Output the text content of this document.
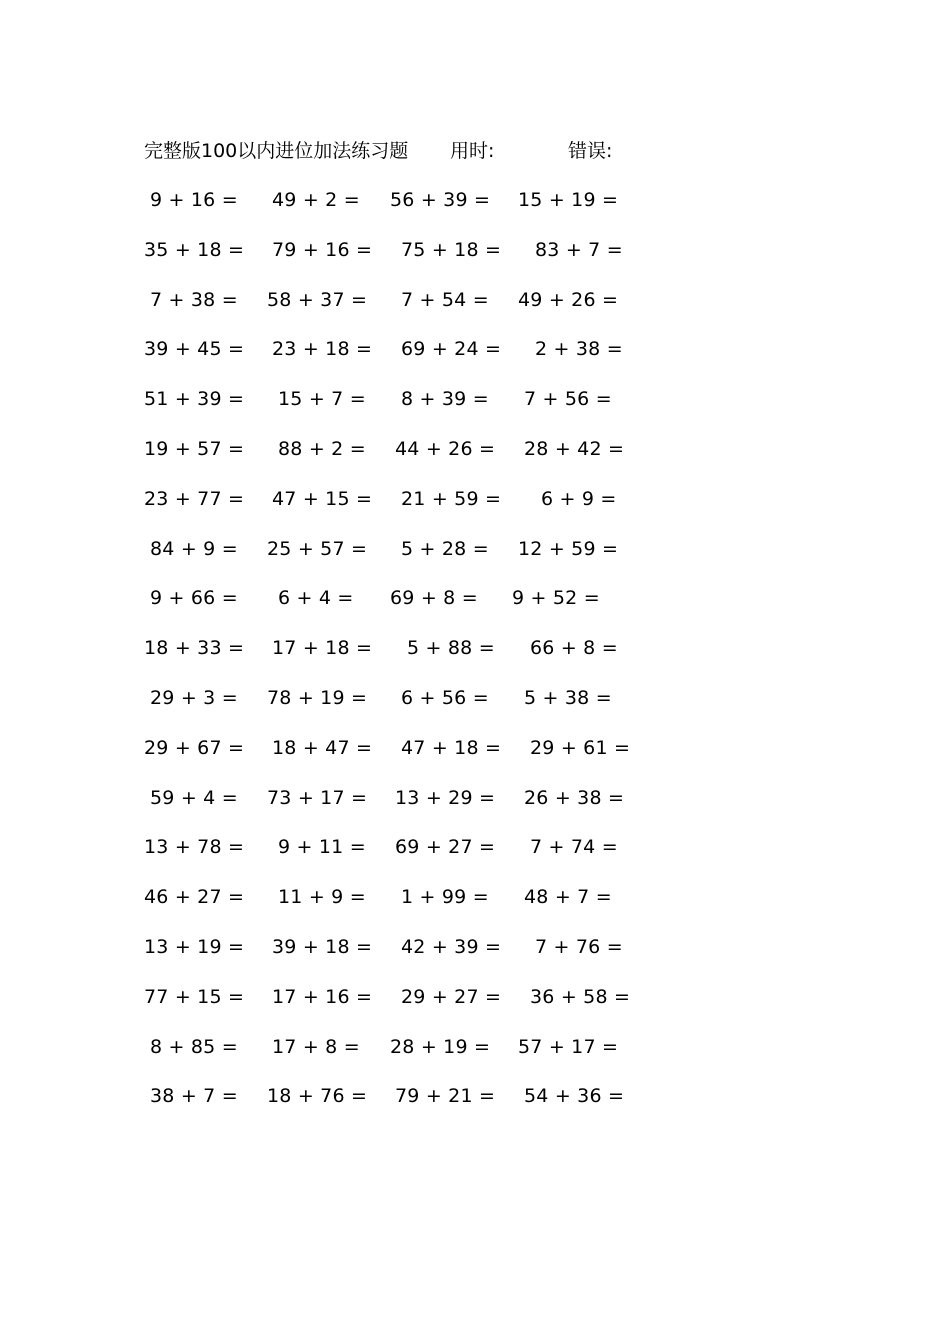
完整版100以内进位加法练习题 用时:	错误:
9 + 16 = 49 + 2 = 56 + 39 = 15 + 19 =
35 + 18 = 79 + 16 = 75 + 18 = 83 + 7 =
7 + 38 = 58 + 37 = 7 + 54 = 49 + 26 =
39 + 45 = 23 + 18 = 69 + 24 = 2 + 38 =
51 + 39 = 15 + 7 = 8 + 39 = 7 + 56 =
19 + 57 = 88 + 2 = 44 + 26 = 28 + 42 =
23 + 77 = 47 + 15 = 21 + 59 = 6 + 9 =
84 + 9 = 25 + 57 = 5 + 28 = 12 + 59 =
9 + 66 = 6 + 4 = 69 + 8 = 9 + 52 =
18 + 33 = 17 + 18 = 5 + 88 = 66 + 8 =
29 + 3 = 78 + 19 = 6 + 56 = 5 + 38 =
29 + 67 = 18 + 47 = 47 + 18 = 29 + 61 =
59 + 4 = 73 + 17 = 13 + 29 = 26 + 38 =
13 + 78 = 9 + 11 = 69 + 27 = 7 + 74 =
46 + 27 = 11 + 9 = 1 + 99 = 48 + 7 =
13 + 19 = 39 + 18 = 42 + 39 = 7 + 76 =
77 + 15 = 17 + 16 = 29 + 27 = 36 + 58 =
8 + 85 = 17 + 8 = 28 + 19 = 57 + 17 =
38 + 7 = 18 + 76 = 79 + 21 = 54 + 36 =
